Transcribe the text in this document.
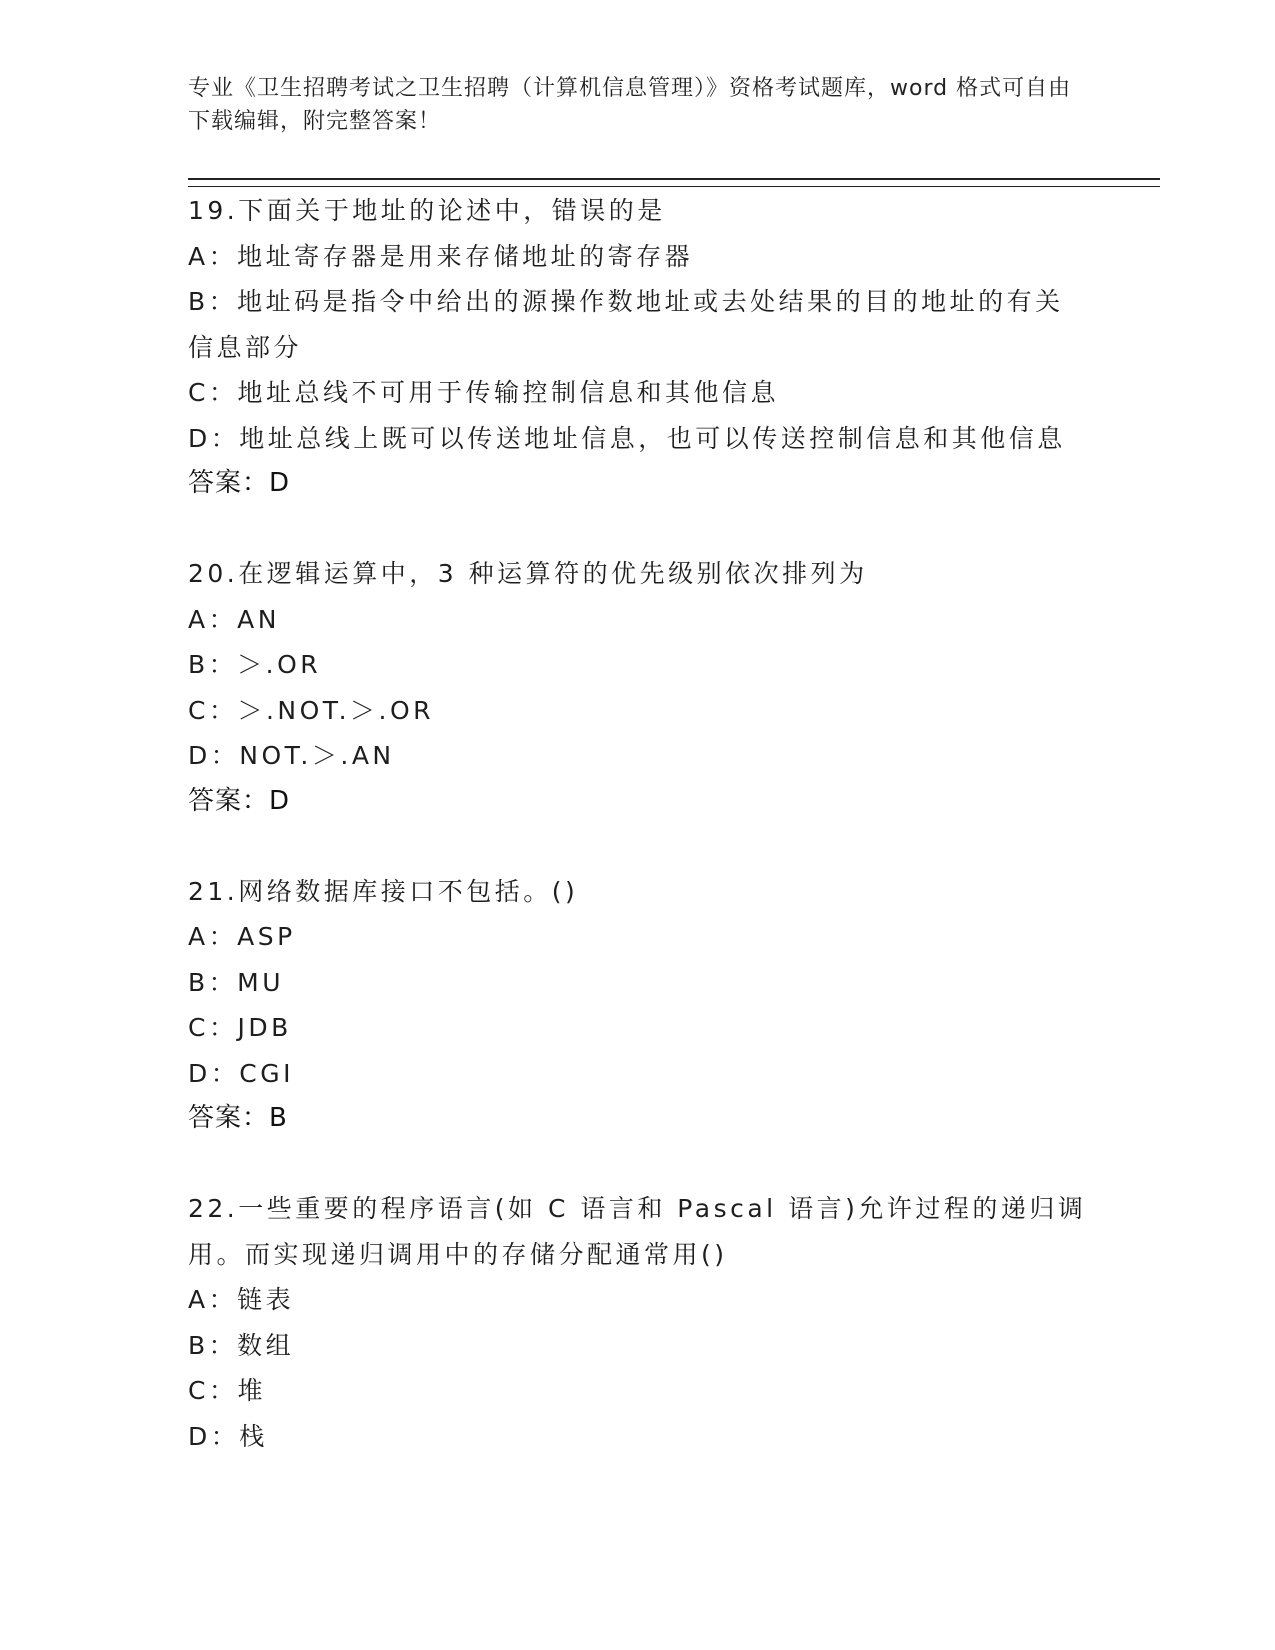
专业《卫生招聘考试之卫生招聘（计算机信息管理）》资格考试题库，word 格式可自由下载编辑，附完整答案！
19.下面关于地址的论述中，错误的是
A：地址寄存器是用来存储地址的寄存器
B：地址码是指令中给出的源操作数地址或去处结果的目的地址的有关信息部分
C：地址总线不可用于传输控制信息和其他信息
D：地址总线上既可以传送地址信息，也可以传送控制信息和其他信息
答案：D
20.在逻辑运算中，3 种运算符的优先级别依次排列为
A：AN
B：＞.OR
C：＞.NOT.＞.OR
D：NOT.＞.AN
答案：D
21.网络数据库接口不包括。()
A：ASP
B：MU
C：JDB
D：CGI
答案：B
22.一些重要的程序语言(如 C 语言和 Pascal 语言)允许过程的递归调用。而实现递归调用中的存储分配通常用()
A：链表
B：数组
C：堆
D：栈
